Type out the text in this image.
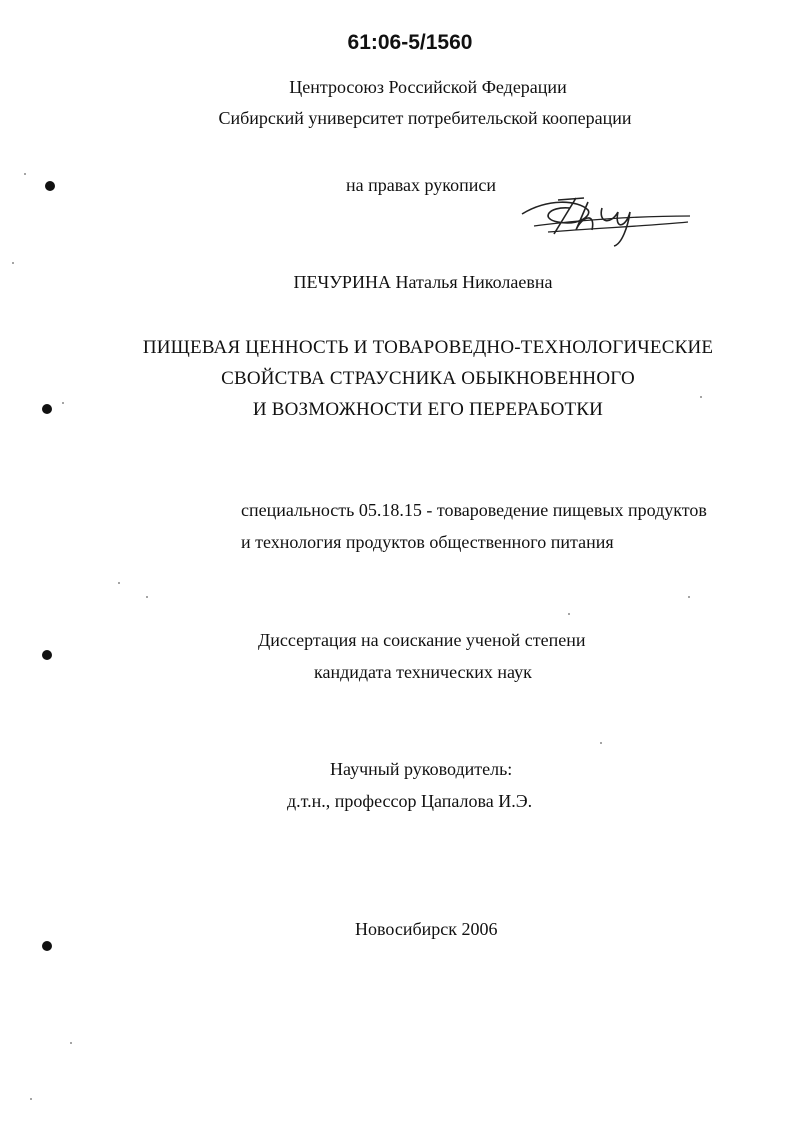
61:06-5/1560
Центросоюз Российской Федерации
Сибирский университет потребительской кооперации
на правах рукописи
ПЕЧУРИНА Наталья Николаевна
ПИЩЕВАЯ ЦЕННОСТЬ И ТОВАРОВЕДНО-ТЕХНОЛОГИЧЕСКИЕ
СВОЙСТВА СТРАУСНИКА ОБЫКНОВЕННОГО
И ВОЗМОЖНОСТИ ЕГО ПЕРЕРАБОТКИ
специальность 05.18.15 - товароведение пищевых продуктов
и технология продуктов общественного питания
Диссертация на соискание ученой степени
кандидата технических наук
Научный руководитель:
д.т.н., профессор Цапалова И.Э.
Новосибирск 2006
